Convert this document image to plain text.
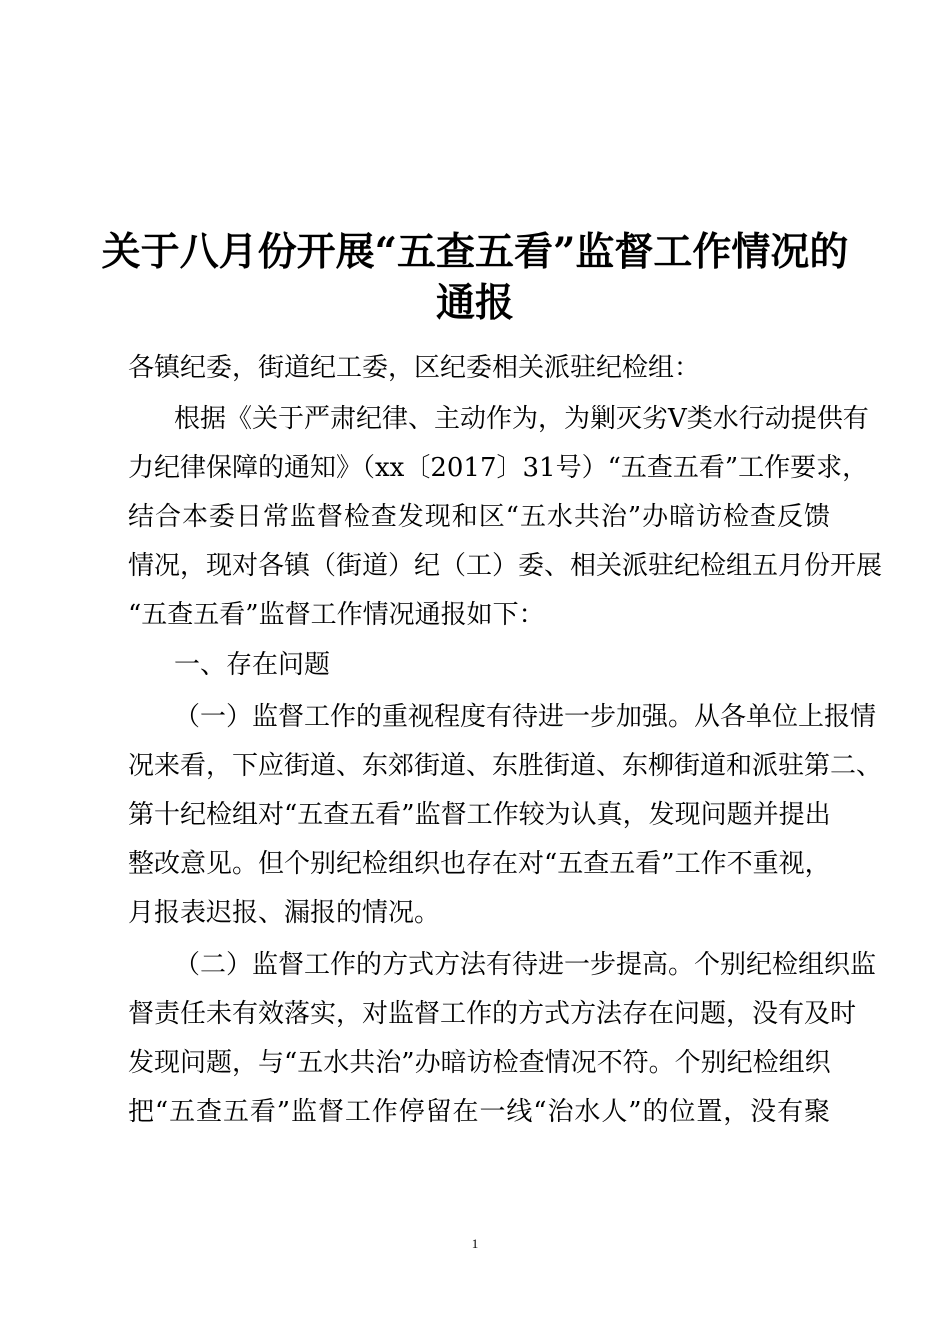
关于八月份开展“五查五看”监督工作情况的
通报
各镇纪委，街道纪工委，区纪委相关派驻纪检组：
根据《关于严肃纪律、主动作为，为剿灭劣Ⅴ类水行动提供有
力纪律保障的通知》（xx〔2017〕31号）“五查五看”工作要求，
结合本委日常监督检查发现和区“五水共治”办暗访检查反馈
情况，现对各镇（街道）纪（工）委、相关派驻纪检组五月份开展
“五查五看”监督工作情况通报如下：
一、存在问题
（一）监督工作的重视程度有待进一步加强。从各单位上报情
况来看，下应街道、东郊街道、东胜街道、东柳街道和派驻第二、
第十纪检组对“五查五看”监督工作较为认真，发现问题并提出
整改意见。但个别纪检组织也存在对“五查五看”工作不重视，
月报表迟报、漏报的情况。
（二）监督工作的方式方法有待进一步提高。个别纪检组织监
督责任未有效落实，对监督工作的方式方法存在问题，没有及时
发现问题，与“五水共治”办暗访检查情况不符。个别纪检组织
把“五查五看”监督工作停留在一线“治水人”的位置，没有聚
1
